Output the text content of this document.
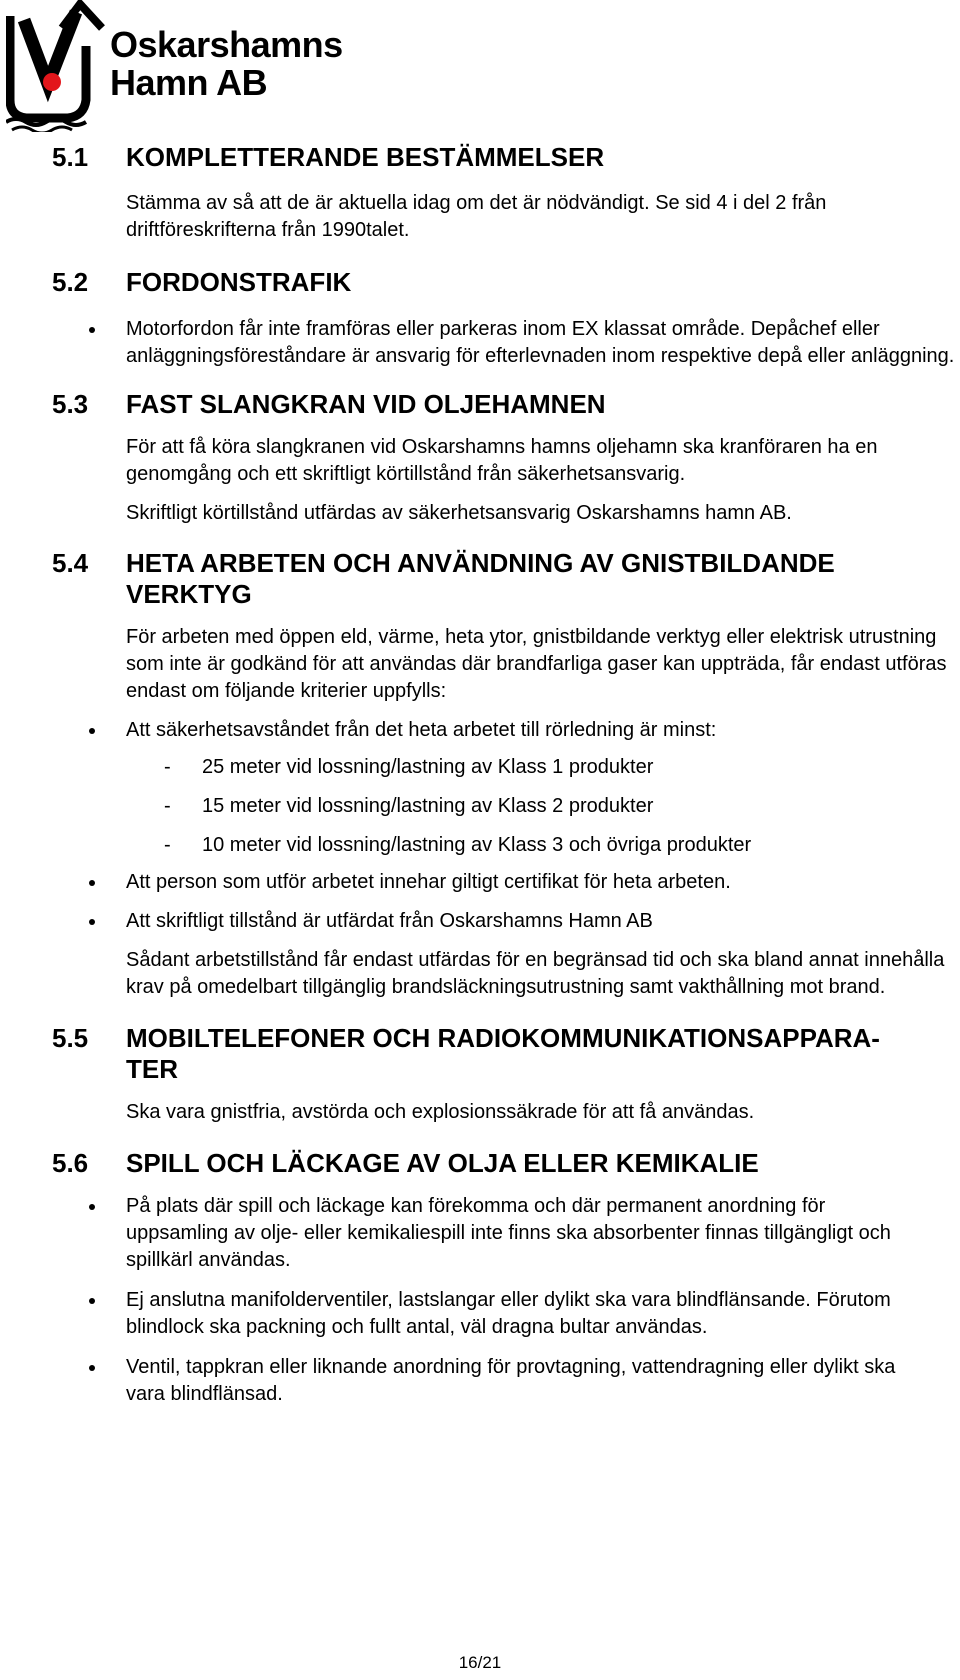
Oskarshamns
Hamn AB
5.1	KOMPLETTERANDE BESTÄMMELSER

Stämma av så att de är aktuella idag om det är nödvändigt. Se sid 4 i del 2 från driftföreskrifterna från 1990talet.

5.2	FORDONSTRAFIK
Motorfordon får inte framföras eller parkeras inom EX klassat område. Depåchef eller anläggningsföreståndare är ansvarig för efterlevnaden inom respektive depå eller anläggning.
5.3	FAST SLANGKRAN VID OLJEHAMNEN

För att få köra slangkranen vid Oskarshamns hamns oljehamn ska kranföraren ha en genomgång och ett skriftligt körtillstånd från säkerhetsansvarig.

Skriftligt körtillstånd utfärdas av säkerhetsansvarig Oskarshamns hamn AB.

5.4	HETA ARBETEN OCH ANVÄNDNING AV GNISTBILDANDE VERKTYG

För arbeten med öppen eld, värme, heta ytor, gnistbildande verktyg eller elektrisk utrustning som inte är godkänd för att användas där brandfarliga gaser kan uppträda, får endast utföras endast om följande kriterier uppfylls:

Att säkerhetsavståndet från det heta arbetet till rörledning är minst:
- 25 meter vid lossning/lastning av Klass 1 produkter
- 15 meter vid lossning/lastning av Klass 2 produkter
- 10 meter vid lossning/lastning av Klass 3 och övriga produkter
Att person som utför arbetet innehar giltigt certifikat för heta arbeten.
Att skriftligt tillstånd är utfärdat från Oskarshamns Hamn AB

Sådant arbetstillstånd får endast utfärdas för en begränsad tid och ska bland annat innehålla krav på omedelbart tillgänglig brandsläckningsutrustning samt vakthållning mot brand.

5.5	MOBILTELEFONER OCH RADIOKOMMUNIKATIONSAPPARA-TER

Ska vara gnistfria, avstörda och explosionssäkrade för att få användas.

5.6	SPILL OCH LÄCKAGE AV OLJA ELLER KEMIKALIE
På plats där spill och läckage kan förekomma och där permanent anordning för uppsamling av olje- eller kemikaliespill inte finns ska absorbenter finnas tillgängligt och spillkärl användas.
Ej anslutna manifolderventiler, lastslangar eller dylikt ska vara blindflänsande. Förutom blindlock ska packning och fullt antal, väl dragna bultar användas.
Ventil, tappkran eller liknande anordning för provtagning, vattendragning eller dylikt ska vara blindflänsad.
16/21
